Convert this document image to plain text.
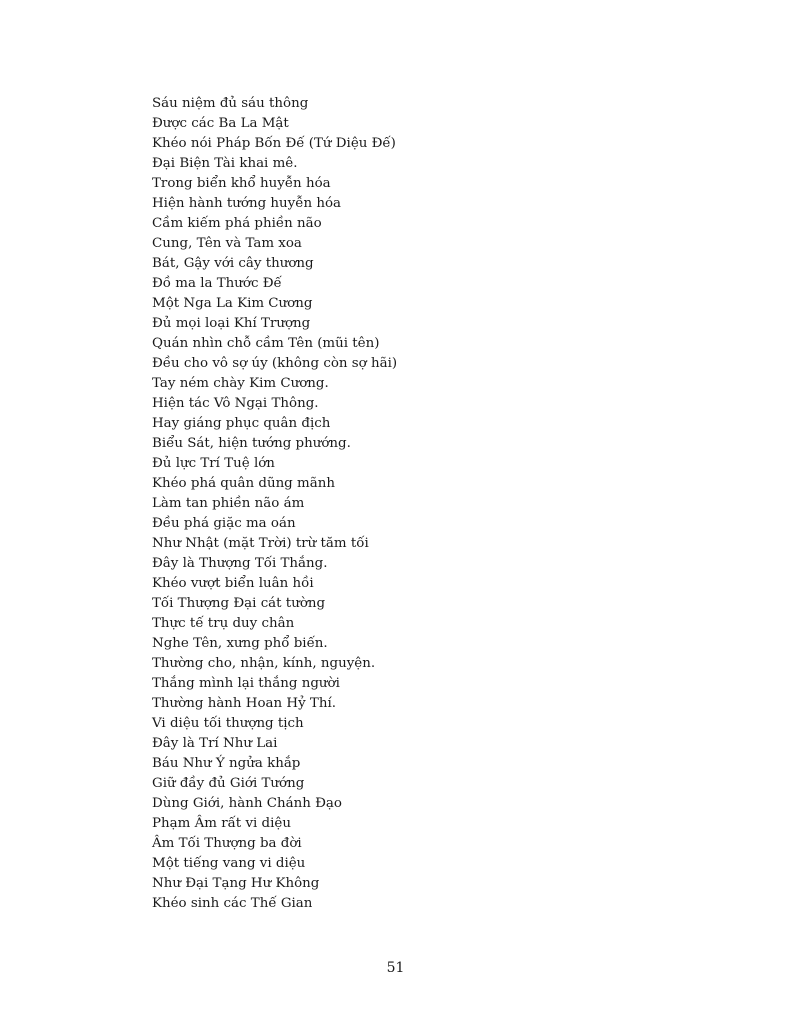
Sáu niệm đủ sáu thông
Được các Ba La Mật
Khéo nói Pháp Bốn Đế (Tứ Diệu Đế)
Đại Biện Tài khai mê.
Trong biển khổ huyễn hóa
Hiện hành tướng huyễn hóa
Cầm kiếm phá phiền não
Cung, Tên và Tam xoa
Bát, Gậy với cây thương
Đồ ma la Thước Đế
Một Nga La Kim Cương
Đủ mọi loại Khí Trượng
Quán nhìn chỗ cầm Tên (mũi tên)
Đều cho vô sợ úy (không còn sợ hãi)
Tay ném chày Kim Cương.
Hiện tác Vô Ngại Thông.
Hay giáng phục quân địch
Biểu Sát, hiện tướng phướng.
Đủ lực Trí Tuệ lớn
Khéo phá quân dũng mãnh
Làm tan phiền não ám
Đều phá giặc ma oán
Như Nhật (mặt Trời) trừ tăm tối
Đây là Thượng Tối Thắng.
Khéo vượt biển luân hồi
Tối Thượng Đại cát tường
Thực tế trụ duy chân
Nghe Tên, xưng phổ biến.
Thường cho, nhận, kính, nguyện.
Thắng mình lại thắng người
Thường hành Hoan Hỷ Thí.
Vi diệu tối thượng tịch
Đây là Trí Như Lai
Báu Như Ý ngửa khắp
Giữ đầy đủ Giới Tướng
Dùng Giới, hành Chánh Đạo
Phạm Âm rất vi diệu
Âm Tối Thượng ba đời
Một tiếng vang vi diệu
Như Đại Tạng Hư Không
Khéo sinh các Thế Gian
51
